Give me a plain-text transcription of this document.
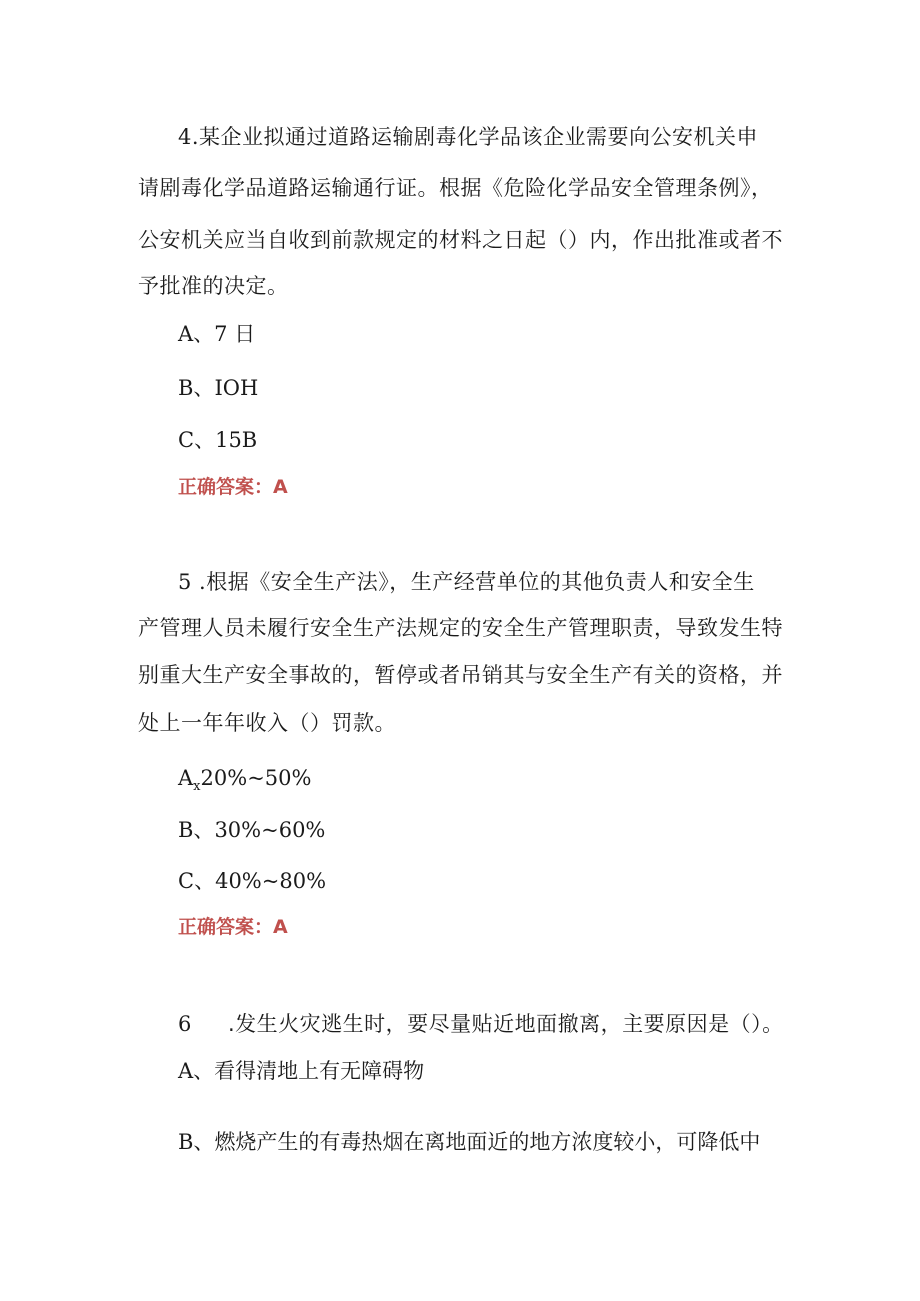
4.某企业拟通过道路运输剧毒化学品该企业需要向公安机关申
请剧毒化学品道路运输通行证。根据《危险化学品安全管理条例》，
公安机关应当自收到前款规定的材料之日起（）内，作出批准或者不
予批准的决定。
A、7 日
B、IOH
C、15B
正确答案：A
5 .根据《安全生产法》，生产经营单位的其他负责人和安全生
产管理人员未履行安全生产法规定的安全生产管理职责，导致发生特
别重大生产安全事故的，暂停或者吊销其与安全生产有关的资格，并
处上一年年收入（）罚款。
$A_x20\%\sim 50\%$
B、30%~60%
C、40%~80%
正确答案：A
6 .发生火灾逃生时，要尽量贴近地面撤离，主要原因是（）。
A、看得清地上有无障碍物
B、燃烧产生的有毒热烟在离地面近的地方浓度较小，可降低中
